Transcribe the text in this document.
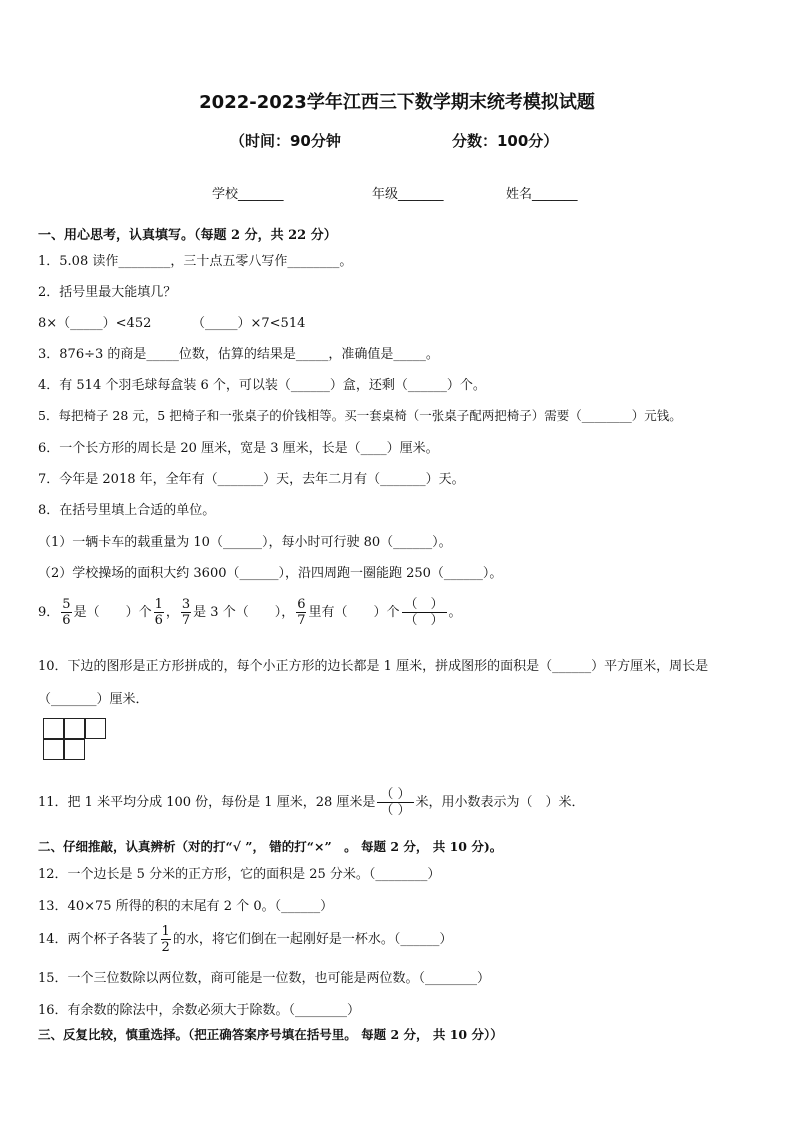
2022-2023学年江西三下数学期末统考模拟试题
（时间：90分钟	分数：100分）
学校_______	年级_______	姓名_______
一、用心思考，认真填写。（每题 2 分，共 22 分）
1．5.08 读作________，三十点五零八写作________。
2．括号里最大能填几？
8×（_____）<452	（_____）×7<514
3．876÷3 的商是_____位数，估算的结果是_____，准确值是_____。
4．有 514 个羽毛球每盒装 6 个，可以装（______）盒，还剩（______）个。
5．每把椅子 28 元，5 把椅子和一张桌子的价钱相等。买一套桌椅（一张桌子配两把椅子）需要（________）元钱。
6．一个长方形的周长是 20 厘米，宽是 3 厘米，长是（____）厘米。
7．今年是 2018 年，全年有（_______）天，去年二月有（_______）天。
8．在括号里填上合适的单位。
（1）一辆卡车的载重量为 10（______），每小时可行驶 80（______）。
（2）学校操场的面积大约 3600（______），沿四周跑一圈能跑 250（______）。
9． $\frac{5}{6}$ 是（　　）个 $\frac{1}{6}$ ， $\frac{3}{7}$ 是 3 个（　　）， $\frac{6}{7}$ 里有（　　）个 $\frac{( )}{( )}$ 。
10．下边的图形是正方形拼成的，每个小正方形的边长都是 1 厘米，拼成图形的面积是（______）平方厘米，周长是
（_______）厘米．
11．把 1 米平均分成 100 份，每份是 1 厘米，28 厘米是 $\frac{( )}{( )}$ 米，用小数表示为（　）米．
二、仔细推敲，认真辨析（对的打“√ ”， 错的打“×”　。 每题 2 分， 共 10 分)。
12．一个边长是 5 分米的正方形，它的面积是 25 分米。（________）
13．40×75 所得的积的末尾有 2 个 0。（______）
14．两个杯子各装了 $\frac{1}{2}$ 的水，将它们倒在一起刚好是一杯水。（______）
15．一个三位数除以两位数，商可能是一位数，也可能是两位数。（________）
16．有余数的除法中，余数必须大于除数。（________）
三、反复比较，慎重选择。（把正确答案序号填在括号里。 每题 2 分， 共 10 分））
